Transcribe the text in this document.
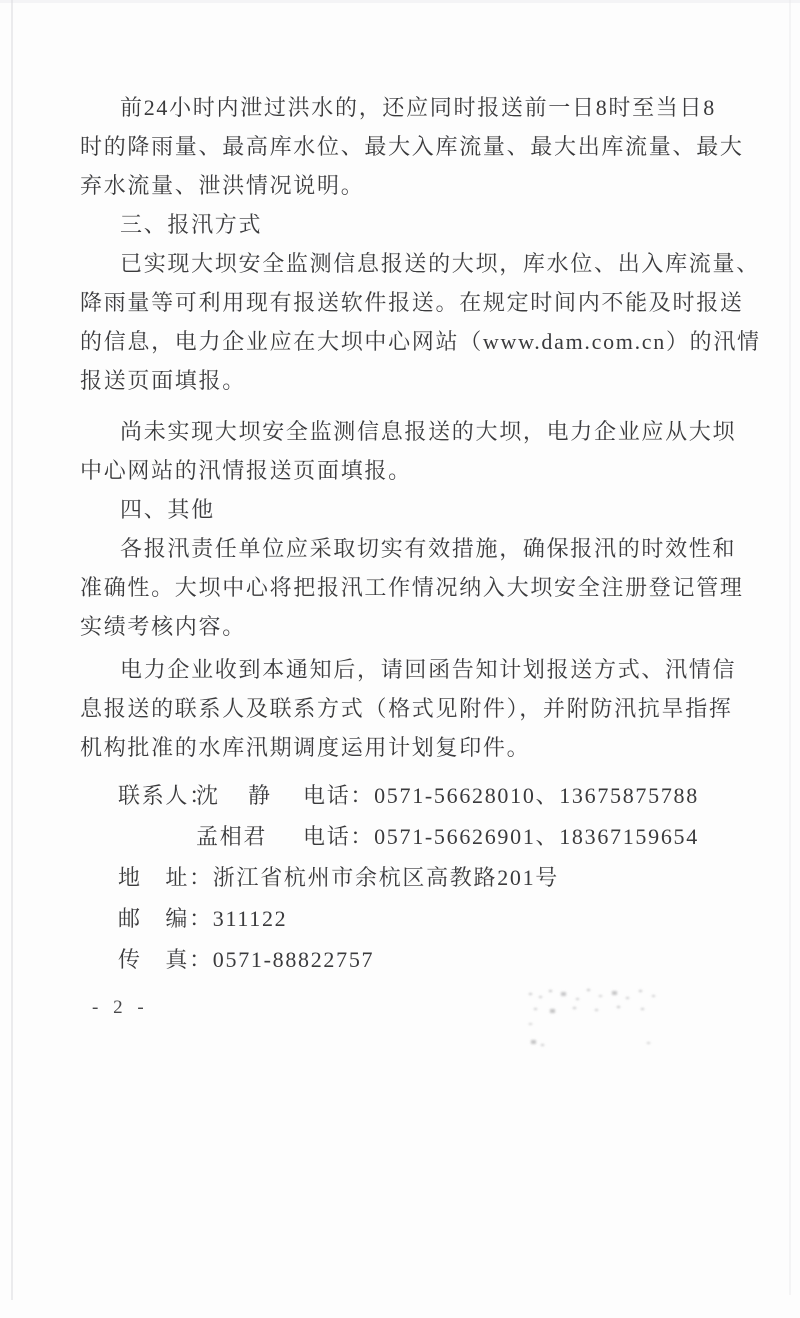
前24小时内泄过洪水的，还应同时报送前一日8时至当日8
时的降雨量、最高库水位、最大入库流量、最大出库流量、最大
弃水流量、泄洪情况说明。
三、报汛方式
已实现大坝安全监测信息报送的大坝，库水位、出入库流量、
降雨量等可利用现有报送软件报送。在规定时间内不能及时报送
的信息，电力企业应在大坝中心网站（www.dam.com.cn）的汛情
报送页面填报。
尚未实现大坝安全监测信息报送的大坝，电力企业应从大坝
中心网站的汛情报送页面填报。
四、其他
各报汛责任单位应采取切实有效措施，确保报汛的时效性和
准确性。大坝中心将把报汛工作情况纳入大坝安全注册登记管理
实绩考核内容。
电力企业收到本通知后，请回函告知计划报送方式、汛情信
息报送的联系人及联系方式（格式见附件），并附防汛抗旱指挥
机构批准的水库汛期调度运用计划复印件。
联系人：
沈静 电话：0571-56628010、13675875788
孟相君	电话：0571-56626901、18367159654
地　址：浙江省杭州市余杭区高教路201号
邮　编：311122
传　真：0571-88822757
- 2 -
